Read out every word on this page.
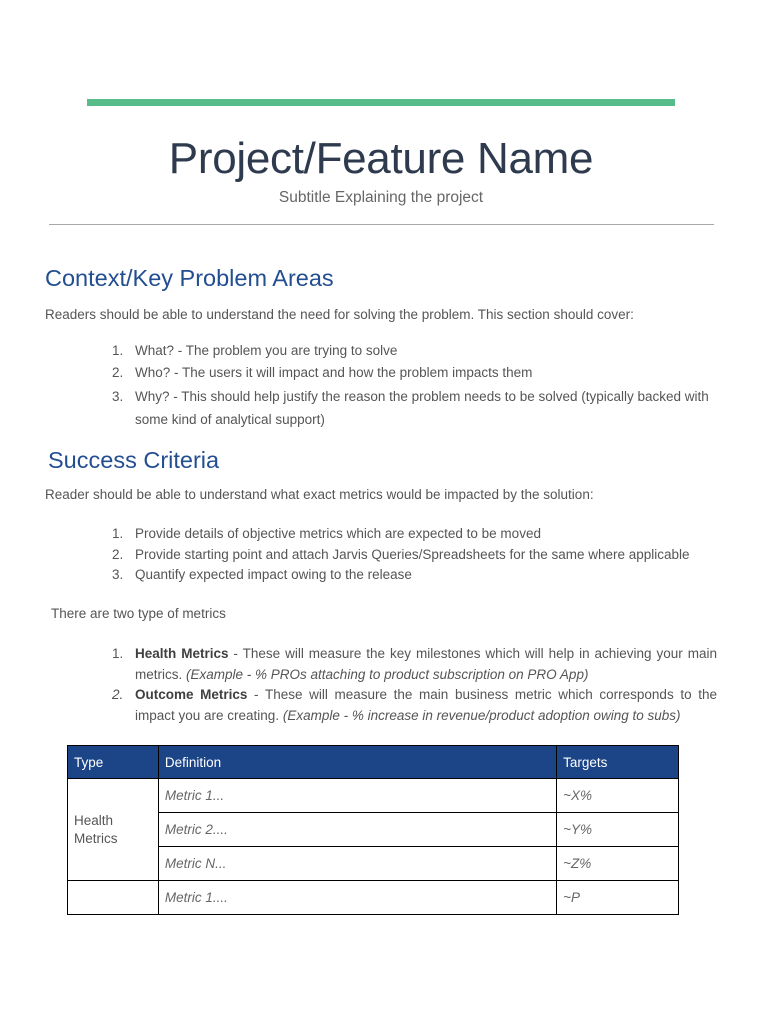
Project/Feature Name
Subtitle Explaining the project
Context/Key Problem Areas
Readers should be able to understand the need for solving the problem. This section should cover:
1. What? - The problem you are trying to solve
2. Who? - The users it will impact and how the problem impacts them
3. Why? - This should help justify the reason the problem needs to be solved (typically backed with some kind of analytical support)
Success Criteria
Reader should be able to understand what exact metrics would be impacted by the solution:
1. Provide details of objective metrics which are expected to be moved
2. Provide starting point and attach Jarvis Queries/Spreadsheets for the same where applicable
3. Quantify expected impact owing to the release
There are two type of metrics
1. Health Metrics - These will measure the key milestones which will help in achieving your main metrics. (Example - % PROs attaching to product subscription on PRO App)
2. Outcome Metrics - These will measure the main business metric which corresponds to the impact you are creating. (Example - % increase in revenue/product adoption owing to subs)
Type	Definition	Targets
Health Metrics	Metric 1...	~X%
	Metric 2....	~Y%
	Metric N...	~Z%
	Metric 1....	~P
